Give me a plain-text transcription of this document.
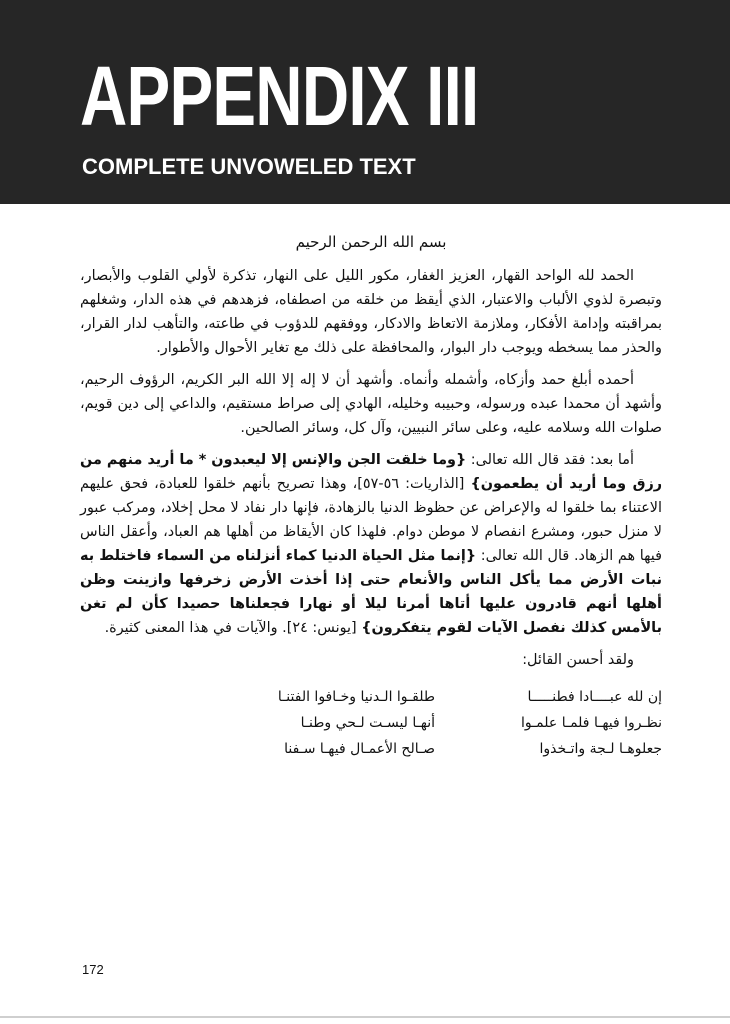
APPENDIX III
COMPLETE UNVOWELED TEXT
بسم الله الرحمن الرحيم

الحمد لله الواحد القهار، العزيز الغفار، مكور الليل على النهار، تذكرة لأولي القلوب والأبصار، وتبصرة لذوي الألباب والاعتبار، الذي أيقظ من خلقه من اصطفاه، فزهدهم في هذه الدار، وشغلهم بمراقبته وإدامة الأفكار، وملازمة الاتعاظ والادكار، ووفقهم للدؤوب في طاعته، والتأهب لدار القرار، والحذر مما يسخطه ويوجب دار البوار، والمحافظة على ذلك مع تغاير الأحوال والأطوار.

أحمده أبلغ حمد وأزكاه، وأشمله وأنماه. وأشهد أن لا إله إلا الله البر الكريم، الرؤوف الرحيم، وأشهد أن محمدا عبده ورسوله، وحبيبه وخليله، الهادي إلى صراط مستقيم، والداعي إلى دين قويم، صلوات الله وسلامه عليه، وعلى سائر النبيين، وآل كل، وسائر الصالحين.

أما بعد: فقد قال الله تعالى: {وما خلقت الجن والإنس إلا ليعبدون * ما أريد منهم من رزق وما أريد أن يطعمون} [الذاريات: ٥٦-٥٧]، وهذا تصريح بأنهم خلقوا للعبادة، فحق عليهم الاعتناء بما خلقوا له والإعراض عن حظوظ الدنيا بالزهادة، فإنها دار نفاد لا محل إخلاد، ومركب عبور لا منزل حبور، ومشرع انفصام لا موطن دوام. فلهذا كان الأيقاظ من أهلها هم العباد، وأعقل الناس فيها هم الزهاد. قال الله تعالى: {إنما مثل الحياة الدنيا كماء أنزلناه من السماء فاختلط به نبات الأرض مما يأكل الناس والأنعام حتى إذا أخذت الأرض زخرفها وازينت وظن أهلها أنهم قادرون عليها أتاها أمرنا ليلا أو نهارا فجعلناها حصيدا كأن لم تغن بالأمس كذلك نفصل الآيات لقوم يتفكرون} [يونس: ٢٤]. والآيات في هذا المعنى كثيرة.

ولقد أحسن القائل:

إن لله عبــــادا فطنـــــا
طلقـوا الـدنيا وخـافوا الفتنـا
نظـروا فيهـا فلمـا علمـوا
أنهـا ليسـت لـحي وطنـا
جعلوهـا لـجة واتـخذوا
صـالح الأعمـال فيهـا سـفنا
172
